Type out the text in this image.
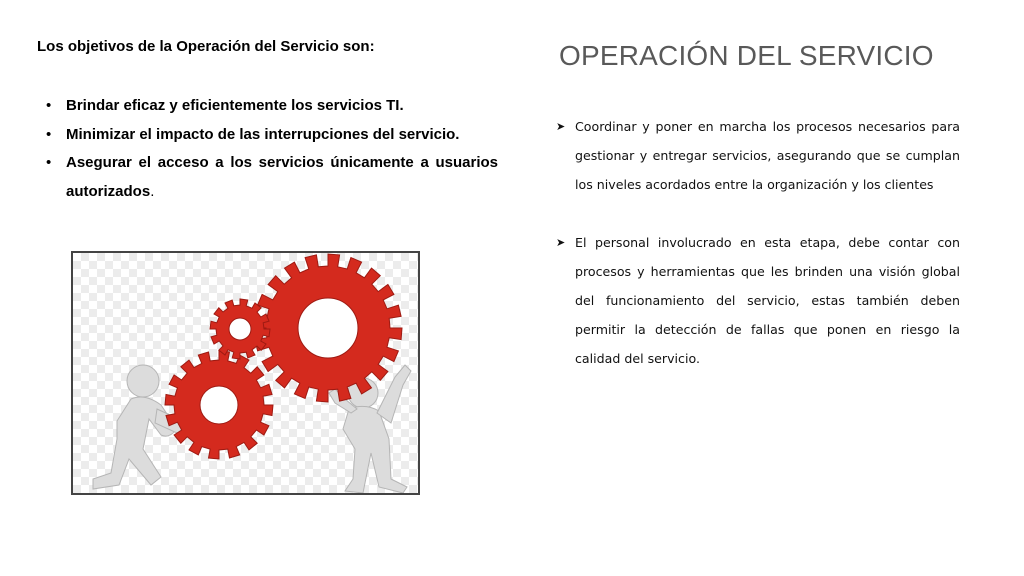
Los objetivos de la Operación del Servicio son:
• Brindar eficaz y eficientemente los servicios TI.
• Minimizar el impacto de las interrupciones del servicio.
• Asegurar el acceso a los servicios únicamente a usuarios autorizados.
OPERACIÓN DEL SERVICIO
➤ Coordinar y poner en marcha los procesos necesarios para gestionar y entregar servicios, asegurando que se cumplan los niveles acordados entre la organización y los clientes
➤ El personal involucrado en esta etapa, debe contar con procesos y herramientas que les brinden una visión global del funcionamiento del servicio, estas también deben permitir la detección de fallas que ponen en riesgo la calidad del servicio.
